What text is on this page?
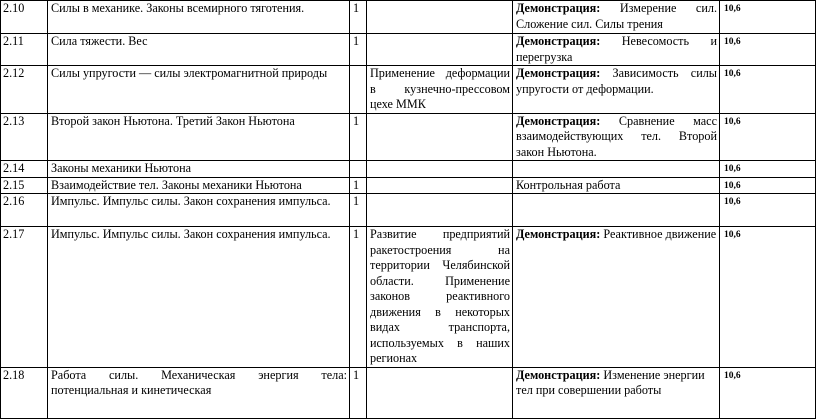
2.10	Силы в механике. Законы всемирного тяготения.	1		Демонстрация: Измерение сил. Сложение сил. Силы трения	10,6
2.11	Сила тяжести. Вес	1		Демонстрация: Невесомость и перегрузка	10,6
2.12	Силы упругости — силы электромагнитной природы		Применение деформации в кузнечно-прессовом цехе ММК	Демонстрация: Зависимость силы упругости от деформации.	10,6
2.13	Второй закон Ньютона. Третий Закон Ньютона	1		Демонстрация: Сравнение масс взаимодействующих тел. Второй закон Ньютона.	10,6
2.14	Законы механики Ньютона				10,6
2.15	Взаимодействие тел. Законы механики Ньютона	1		Контрольная работа	10,6
2.16	Импульс. Импульс силы. Закон сохранения импульса.	1			10,6
2.17	Импульс. Импульс силы. Закон сохранения импульса.	1	Развитие предприятий ракетостроения на территории Челябинской области. Применение законов реактивного движения в некоторых видах транспорта, используемых в наших регионах	Демонстрация: Реактивное движение	10,6
2.18	Работа силы. Механическая энергия тела: потенциальная и кинетическая	1		Демонстрация: Изменение энергии тел при совершении работы	10,6
